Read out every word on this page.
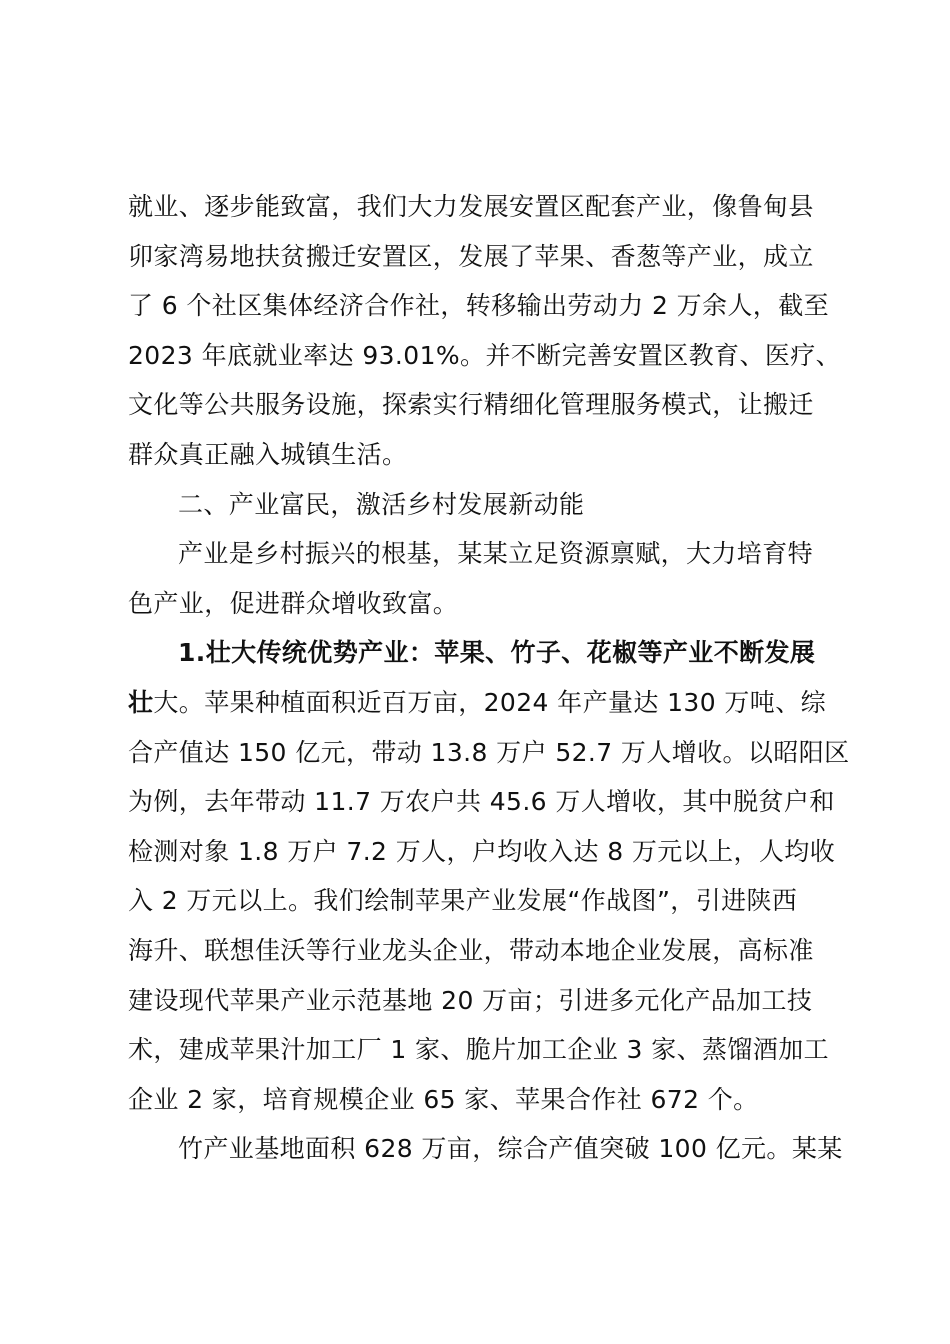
就业、逐步能致富，我们大力发展安置区配套产业，像鲁甸县
卯家湾易地扶贫搬迁安置区，发展了苹果、香葱等产业，成立
了 6 个社区集体经济合作社，转移输出劳动力 2 万余人，截至
2023 年底就业率达 93.01%。并不断完善安置区教育、医疗、
文化等公共服务设施，探索实行精细化管理服务模式，让搬迁
群众真正融入城镇生活。
二、产业富民，激活乡村发展新动能
产业是乡村振兴的根基，某某立足资源禀赋，大力培育特
色产业，促进群众增收致富。
1.壮大传统优势产业：苹果、竹子、花椒等产业不断发展
壮大。苹果种植面积近百万亩，2024 年产量达 130 万吨、综
合产值达 150 亿元，带动 13.8 万户 52.7 万人增收。以昭阳区
为例，去年带动 11.7 万农户共 45.6 万人增收，其中脱贫户和
检测对象 1.8 万户 7.2 万人，户均收入达 8 万元以上，人均收
入 2 万元以上。我们绘制苹果产业发展“作战图”，引进陕西
海升、联想佳沃等行业龙头企业，带动本地企业发展，高标准
建设现代苹果产业示范基地 20 万亩；引进多元化产品加工技
术，建成苹果汁加工厂 1 家、脆片加工企业 3 家、蒸馏酒加工
企业 2 家，培育规模企业 65 家、苹果合作社 672 个。
竹产业基地面积 628 万亩，综合产值突破 100 亿元。某某
